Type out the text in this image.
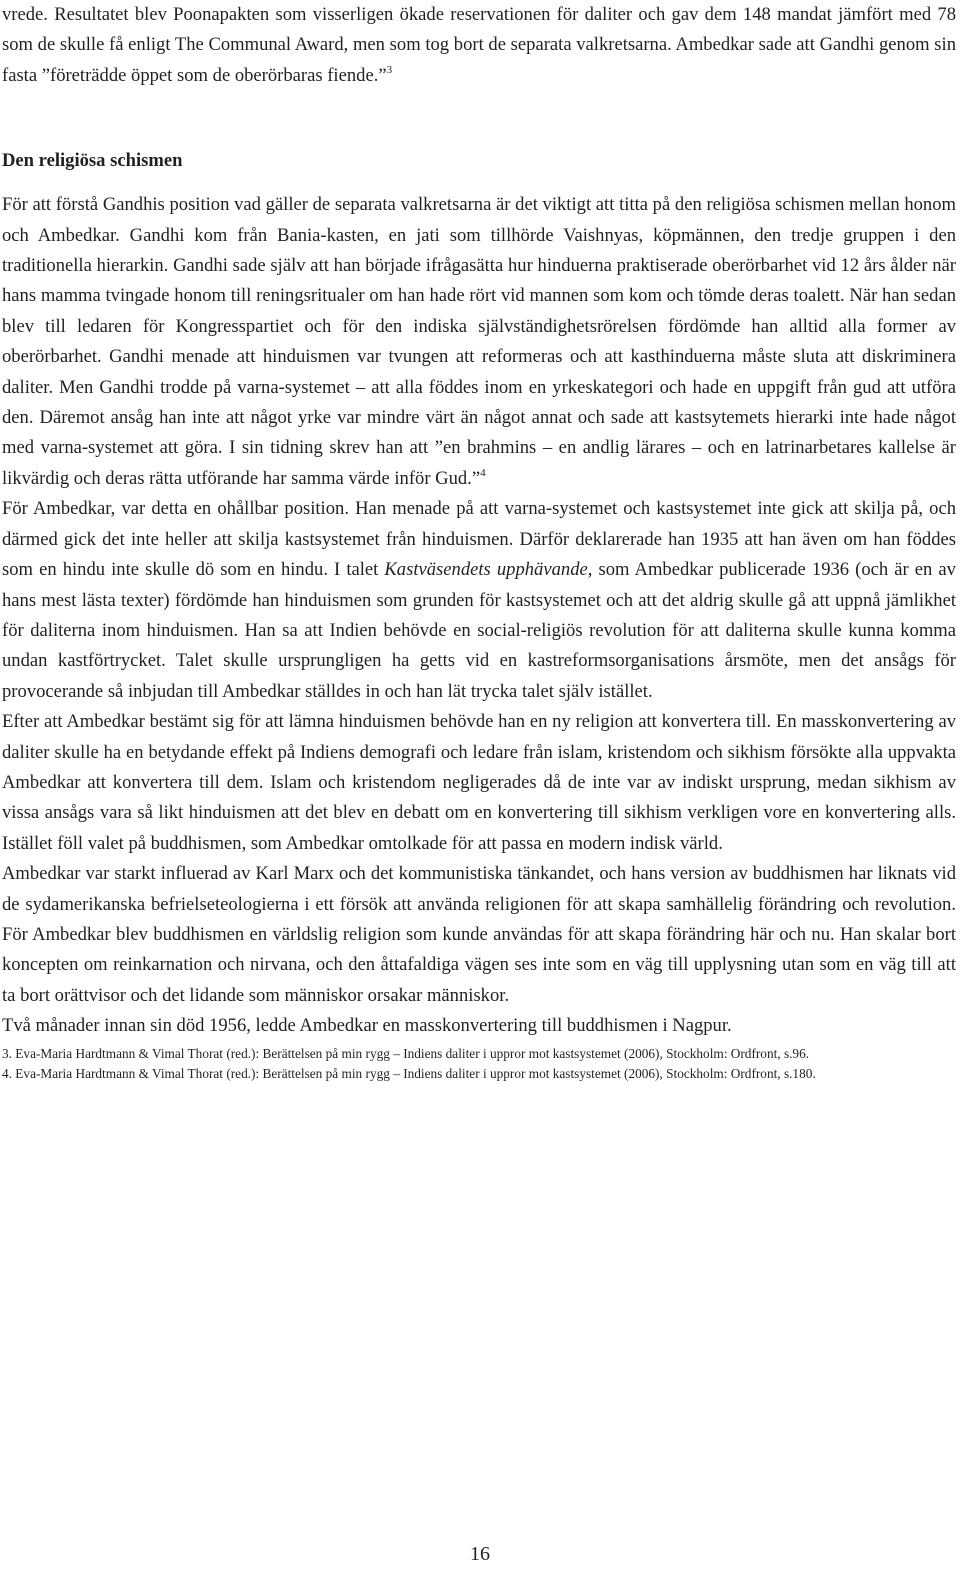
vrede. Resultatet blev Poonapakten som visserligen ökade reservationen för daliter och gav dem 148 mandat jämfört med 78 som de skulle få enligt The Communal Award, men som tog bort de separata valkretsarna. Ambedkar sade att Gandhi genom sin fasta ”företrädde öppet som de oberörbaras fiende.”$^3$

Den religiösa schismen

För att förstå Gandhis position vad gäller de separata valkretsarna är det viktigt att titta på den religiösa schismen mellan honom och Ambedkar. Gandhi kom från Bania-kasten, en jati som tillhörde Vaishnyas, köpmännen, den tredje gruppen i den traditionella hierarkin. Gandhi sade själv att han började ifrågasätta hur hinduerna praktiserade oberörbarhet vid 12 års ålder när hans mamma tvingade honom till reningsritualer om han hade rört vid mannen som kom och tömde deras toalett. När han sedan blev till ledaren för Kongresspartiet och för den indiska självständighetsrörelsen fördömde han alltid alla former av oberörbarhet. Gandhi menade att hinduismen var tvungen att reformeras och att kasthinduerna måste sluta att diskriminera daliter. Men Gandhi trodde på varna-systemet – att alla föddes inom en yrkeskategori och hade en uppgift från gud att utföra den. Däremot ansåg han inte att något yrke var mindre värt än något annat och sade att kastsytemets hierarki inte hade något med varna-systemet att göra. I sin tidning skrev han att ”en brahmins – en andlig lärares – och en latrinarbetares kallelse är likvärdig och deras rätta utförande har samma värde inför Gud.”$^4$

För Ambedkar, var detta en ohållbar position. Han menade på att varna-systemet och kastsystemet inte gick att skilja på, och därmed gick det inte heller att skilja kastsystemet från hinduismen. Därför deklarerade han 1935 att han även om han föddes som en hindu inte skulle dö som en hindu. I talet Kastväsendets upphävande, som Ambedkar publicerade 1936 (och är en av hans mest lästa texter) fördömde han hinduismen som grunden för kastsystemet och att det aldrig skulle gå att uppnå jämlikhet för daliterna inom hinduismen. Han sa att Indien behövde en social-religiös revolution för att daliterna skulle kunna komma undan kastförtrycket. Talet skulle ursprungligen ha getts vid en kastreformsorganisations årsmöte, men det ansågs för provocerande så inbjudan till Ambedkar ställdes in och han lät trycka talet själv istället.

Efter att Ambedkar bestämt sig för att lämna hinduismen behövde han en ny religion att konvertera till. En masskonvertering av daliter skulle ha en betydande effekt på Indiens demografi och ledare från islam, kristendom och sikhism försökte alla uppvakta Ambedkar att konvertera till dem. Islam och kristendom negligerades då de inte var av indiskt ursprung, medan sikhism av vissa ansågs vara så likt hinduismen att det blev en debatt om en konvertering till sikhism verkligen vore en konvertering alls. Istället föll valet på buddhismen, som Ambedkar omtolkade för att passa en modern indisk värld.

Ambedkar var starkt influerad av Karl Marx och det kommunistiska tänkandet, och hans version av buddhismen har liknats vid de sydamerikanska befrielseteologierna i ett försök att använda religionen för att skapa samhällelig förändring och revolution. För Ambedkar blev buddhismen en världslig religion som kunde användas för att skapa förändring här och nu. Han skalar bort koncepten om reinkarnation och nirvana, och den åttafaldiga vägen ses inte som en väg till upplysning utan som en väg till att ta bort orättvisor och det lidande som människor orsakar människor.

Två månader innan sin död 1956, ledde Ambedkar en masskonvertering till buddhismen i Nagpur.

3. Eva-Maria Hardtmann & Vimal Thorat (red.): Berättelsen på min rygg – Indiens daliter i uppror mot kastsystemet (2006), Stockholm: Ordfront, s.96.

4. Eva-Maria Hardtmann & Vimal Thorat (red.): Berättelsen på min rygg – Indiens daliter i uppror mot kastsystemet (2006), Stockholm: Ordfront, s.180.

16
